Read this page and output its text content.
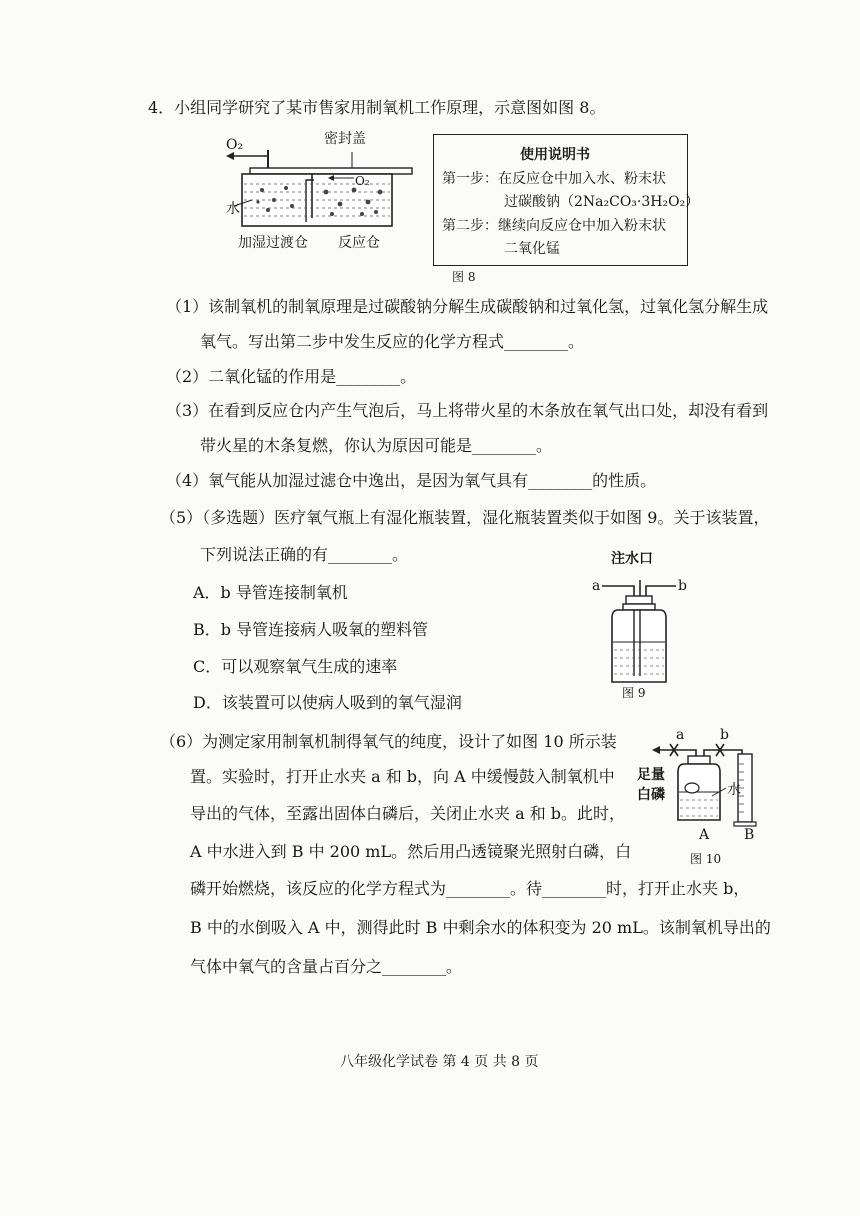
4．小组同学研究了某市售家用制氧机工作原理，示意图如图 8。
O₂	密封盖
O₂
水
加湿过渡仓 反应仓
图 8
使用说明书
第一步：在反应仓中加入水、粉末状
过碳酸钠（2Na₂CO₃·3H₂O₂）
第二步：继续向反应仓中加入粉末状
二氧化锰
（1）该制氧机的制氧原理是过碳酸钠分解生成碳酸钠和过氧化氢，过氧化氢分解生成
氧气。写出第二步中发生反应的化学方程式________。
（2）二氧化锰的作用是________。
（3）在看到反应仓内产生气泡后，马上将带火星的木条放在氧气出口处，却没有看到
带火星的木条复燃，你认为原因可能是________。
（4）氧气能从加湿过滤仓中逸出，是因为氧气具有________的性质。
（5）（多选题）医疗氧气瓶上有湿化瓶装置，湿化瓶装置类似于如图 9。关于该装置，
下列说法正确的有________。
A．b 导管连接制氧机
B．b 导管连接病人吸氧的塑料管
C．可以观察氧气生成的速率
D．该装置可以使病人吸到的氧气湿润
注水口
a	b
图 9
（6）为测定家用制氧机制得氧气的纯度，设计了如图 10 所示装
置。实验时，打开止水夹 a 和 b，向 A 中缓慢鼓入制氧机中
导出的气体，至露出固体白磷后，关闭止水夹 a 和 b。此时，
A 中水进入到 B 中 200 mL。然后用凸透镜聚光照射白磷，白
磷开始燃烧，该反应的化学方程式为________。待________时，打开止水夹 b，
B 中的水倒吸入 A 中，测得此时 B 中剩余水的体积变为 20 mL。该制氧机导出的
气体中氧气的含量占百分之________。
a	b
足量
白磷	水
A B
图 10
八年级化学试卷 第 4 页 共 8 页
